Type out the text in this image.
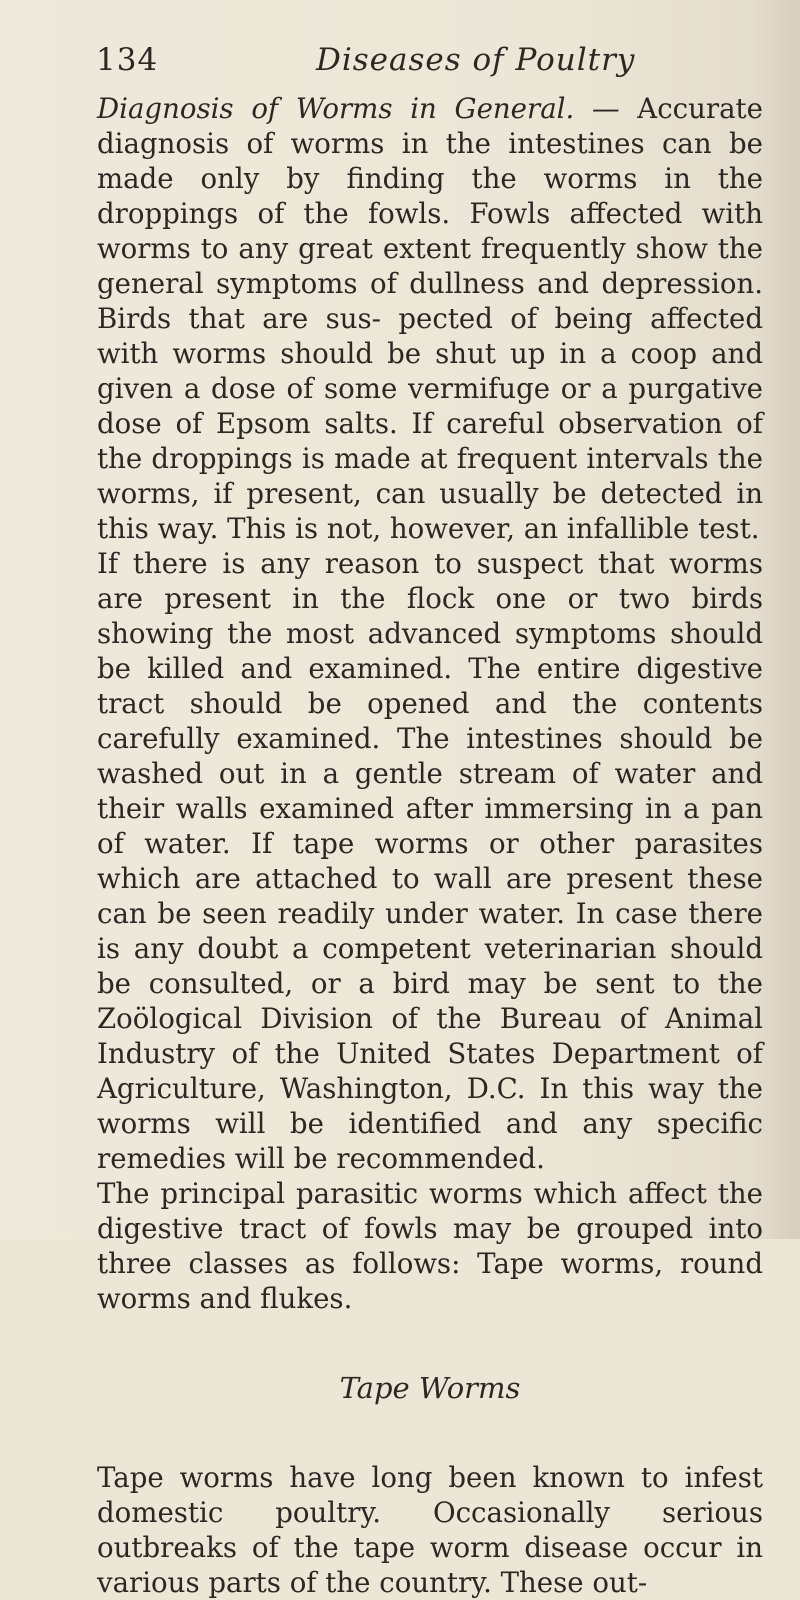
134	Diseases of Poultry

Diagnosis of Worms in General. — Accurate diagnosis of worms in the intestines can be made only by finding the worms in the droppings of the fowls. Fowls affected with worms to any great extent frequently show the general symptoms of dullness and depression. Birds that are sus- pected of being affected with worms should be shut up in a coop and given a dose of some vermifuge or a purgative dose of Epsom salts. If careful observation of the droppings is made at frequent intervals the worms, if present, can usually be detected in this way. This is not, however, an infallible test.

If there is any reason to suspect that worms are present in the flock one or two birds showing the most advanced symptoms should be killed and examined. The entire digestive tract should be opened and the contents carefully examined. The intestines should be washed out in a gentle stream of water and their walls examined after immersing in a pan of water. If tape worms or other parasites which are attached to wall are present these can be seen readily under water. In case there is any doubt a competent veterinarian should be consulted, or a bird may be sent to the Zoölogical Division of the Bureau of Animal Industry of the United States Department of Agriculture, Washington, D.C. In this way the worms will be identified and any specific remedies will be recommended.

The principal parasitic worms which affect the digestive tract of fowls may be grouped into three classes as follows: Tape worms, round worms and flukes.

Tape Worms

Tape worms have long been known to infest domestic poultry. Occasionally serious outbreaks of the tape worm disease occur in various parts of the country. These out-
